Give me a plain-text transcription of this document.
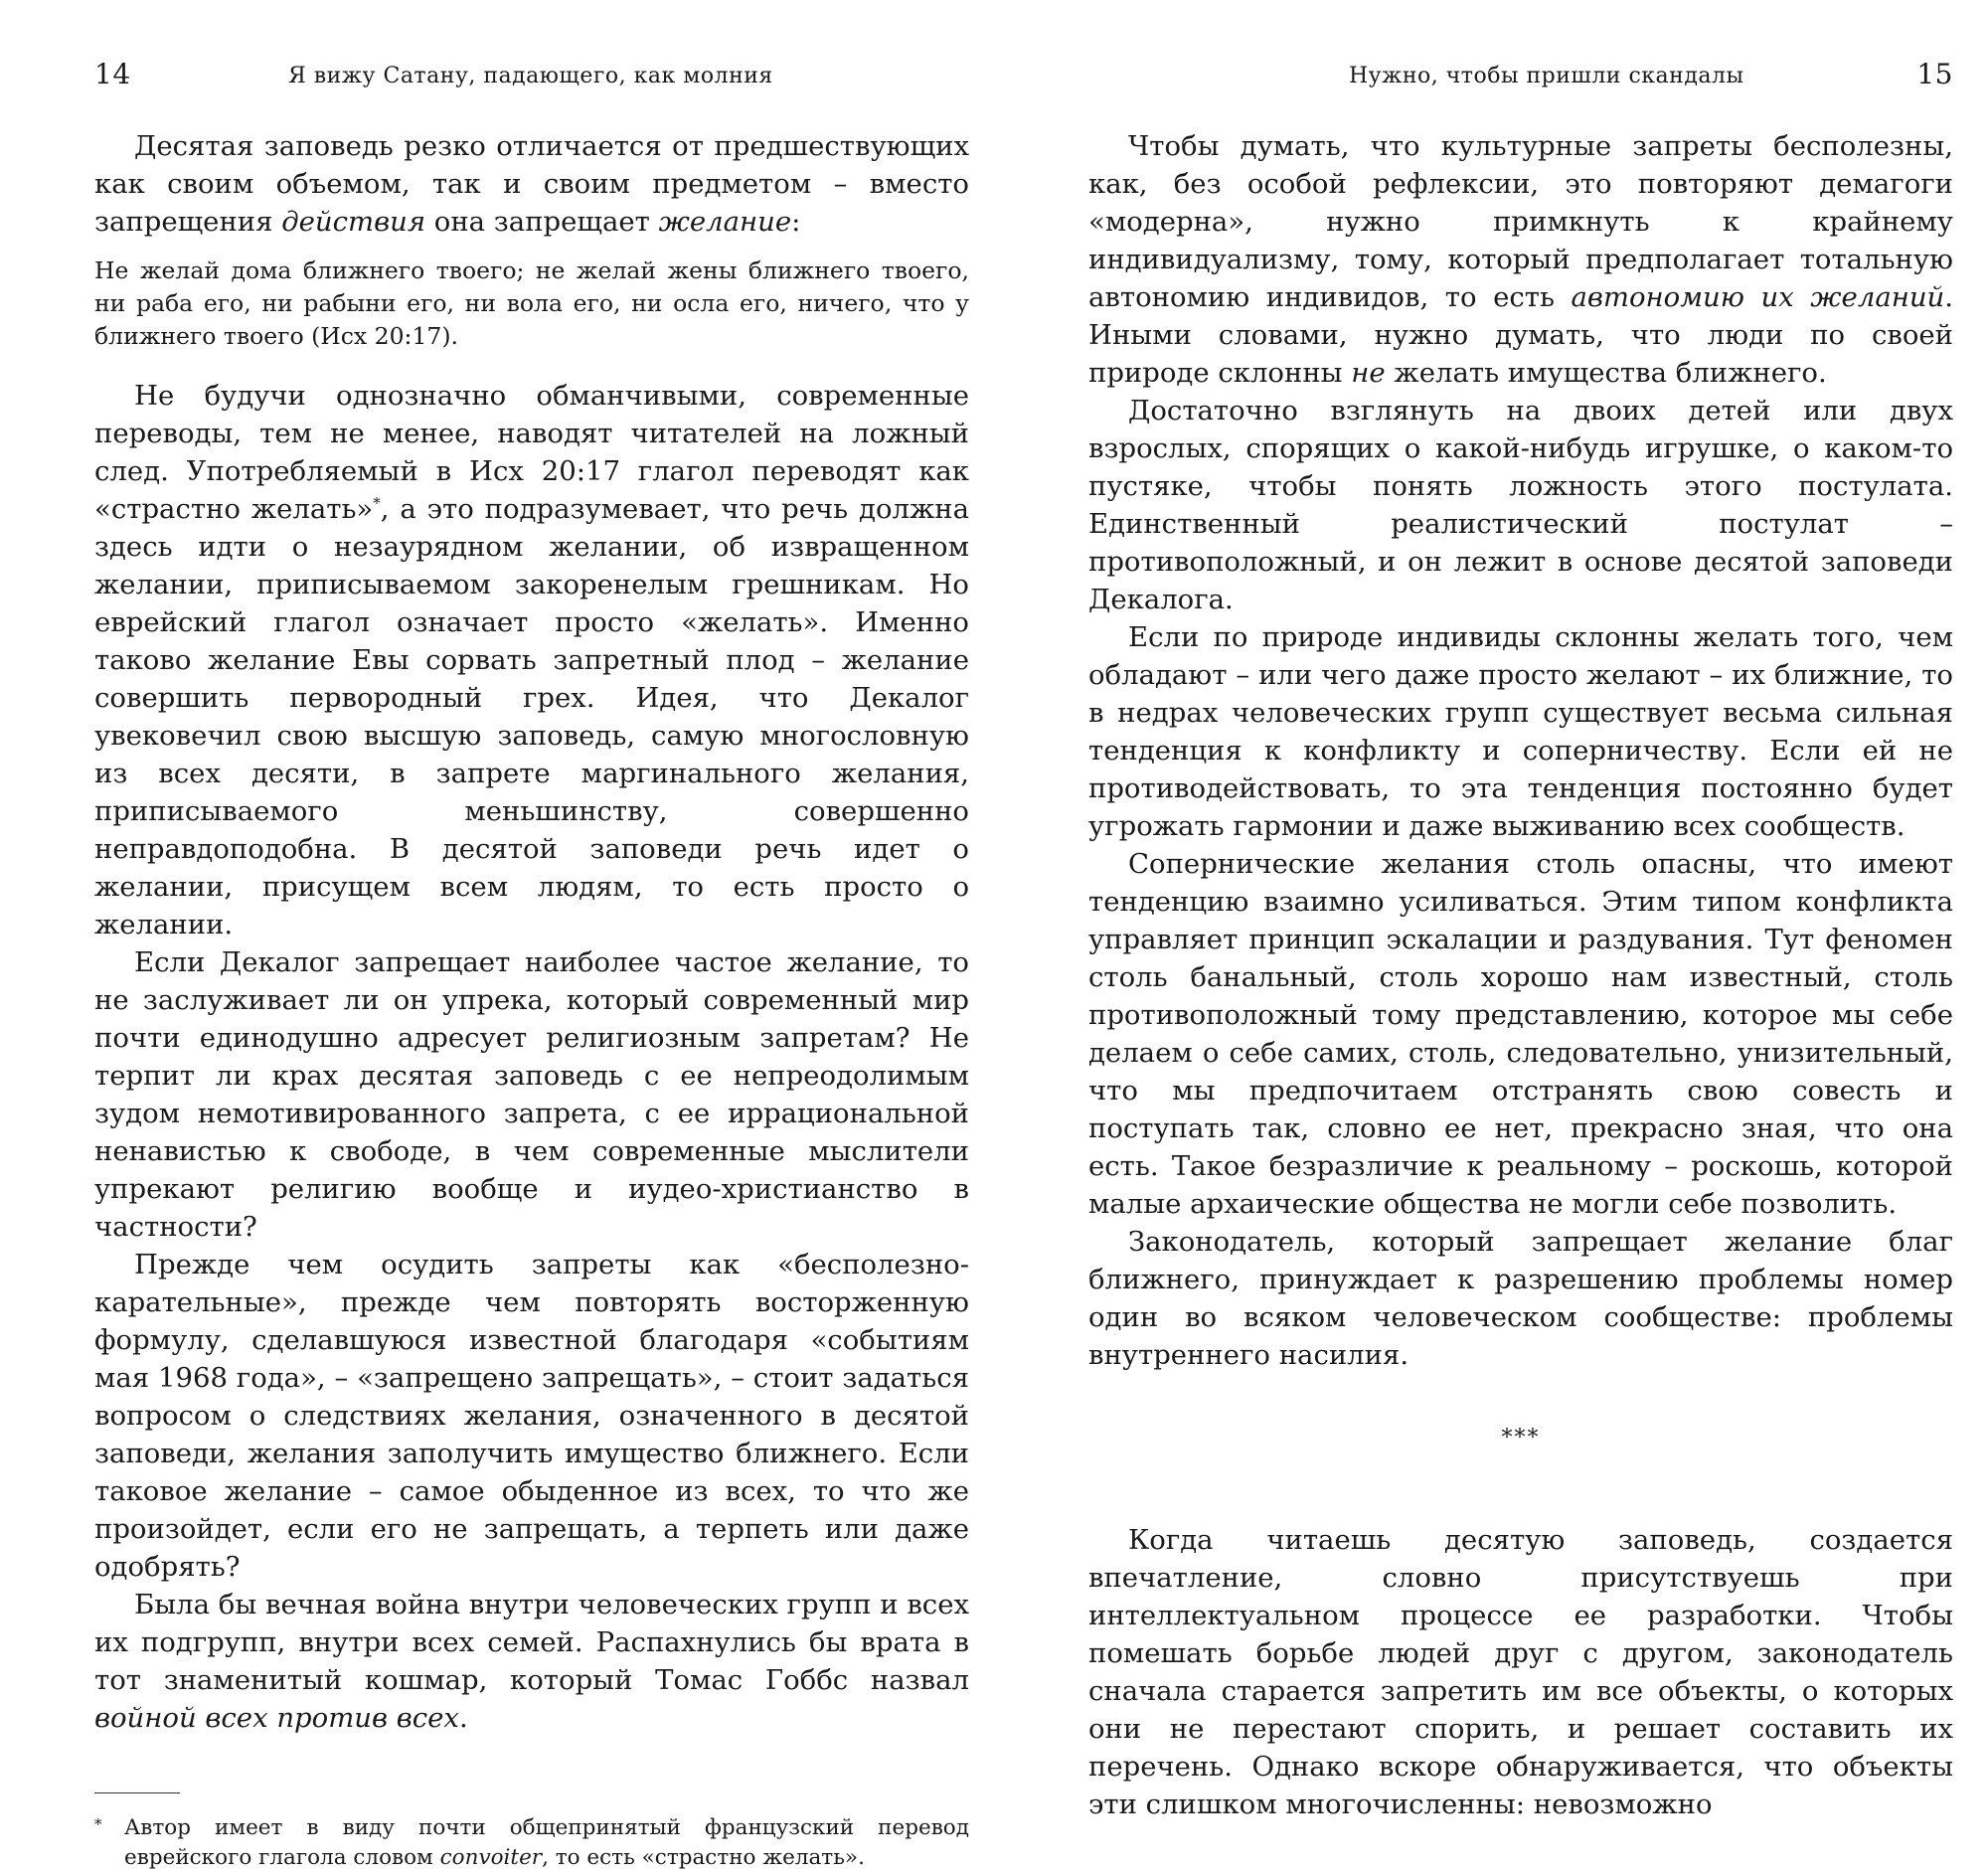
14	Я вижу Сатану, падающего, как молния

Десятая заповедь резко отличается от предшествующих как своим объемом, так и своим предметом – вместо запрещения действия она запрещает желание:

Не желай дома ближнего твоего; не желай жены ближнего твоего, ни раба его, ни рабыни его, ни вола его, ни осла его, ничего, что у ближнего твоего (Исх 20:17).

Не будучи однозначно обманчивыми, современные переводы, тем не менее, наводят читателей на ложный след. Употребляемый в Исх 20:17 глагол переводят как «страстно желать»*, а это подразумевает, что речь должна здесь идти о незаурядном желании, об извращенном желании, приписываемом закоренелым грешникам. Но еврейский глагол означает просто «желать». Именно таково желание Евы сорвать запретный плод – желание совершить первородный грех. Идея, что Декалог увековечил свою высшую заповедь, самую многословную из всех десяти, в запрете маргинального желания, приписываемого меньшинству, совершенно неправдоподобна. В десятой заповеди речь идет о желании, присущем всем людям, то есть просто о желании.

Если Декалог запрещает наиболее частое желание, то не заслуживает ли он упрека, который современный мир почти единодушно адресует религиозным запретам? Не терпит ли крах десятая заповедь с ее непреодолимым зудом немотивированного запрета, с ее иррациональной ненавистью к свободе, в чем современные мыслители упрекают религию вообще и иудео-христианство в частности?

Прежде чем осудить запреты как «бесполезно-карательные», прежде чем повторять восторженную формулу, сделавшуюся известной благодаря «событиям мая 1968 года», – «запрещено запрещать», – стоит задаться вопросом о следствиях желания, означенного в десятой заповеди, желания заполучить имущество ближнего. Если таковое желание – самое обыденное из всех, то что же произойдет, если его не запрещать, а терпеть или даже одобрять?

Была бы вечная война внутри человеческих групп и всех их подгрупп, внутри всех семей. Распахнулись бы врата в тот знаменитый кошмар, который Томас Гоббс назвал войной всех против всех.

* Автор имеет в виду почти общепринятый французский перевод еврейского глагола словом convoiter, то есть «страстно желать».
Нужно, чтобы пришли скандалы	15

Чтобы думать, что культурные запреты бесполезны, как, без особой рефлексии, это повторяют демагоги «модерна», нужно примкнуть к крайнему индивидуализму, тому, который предполагает тотальную автономию индивидов, то есть автономию их желаний. Иными словами, нужно думать, что люди по своей природе склонны не желать имущества ближнего.

Достаточно взглянуть на двоих детей или двух взрослых, спорящих о какой-нибудь игрушке, о каком-то пустяке, чтобы понять ложность этого постулата. Единственный реалистический постулат – противоположный, и он лежит в основе десятой заповеди Декалога.

Если по природе индивиды склонны желать того, чем обладают – или чего даже просто желают – их ближние, то в недрах человеческих групп существует весьма сильная тенденция к конфликту и соперничеству. Если ей не противодействовать, то эта тенденция постоянно будет угрожать гармонии и даже выживанию всех сообществ.

Сопернические желания столь опасны, что имеют тенденцию взаимно усиливаться. Этим типом конфликта управляет принцип эскалации и раздувания. Тут феномен столь банальный, столь хорошо нам известный, столь противоположный тому представлению, которое мы себе делаем о себе самих, столь, следовательно, унизительный, что мы предпочитаем отстранять свою совесть и поступать так, словно ее нет, прекрасно зная, что она есть. Такое безразличие к реальному – роскошь, которой малые архаические общества не могли себе позволить.

Законодатель, который запрещает желание благ ближнего, принуждает к разрешению проблемы номер один во всяком человеческом сообществе: проблемы внутреннего насилия.

***

Когда читаешь десятую заповедь, создается впечатление, словно присутствуешь при интеллектуальном процессе ее разработки. Чтобы помешать борьбе людей друг с другом, законодатель сначала старается запретить им все объекты, о которых они не перестают спорить, и решает составить их перечень. Однако вскоре обнаруживается, что объекты эти слишком многочисленны: невозможно
